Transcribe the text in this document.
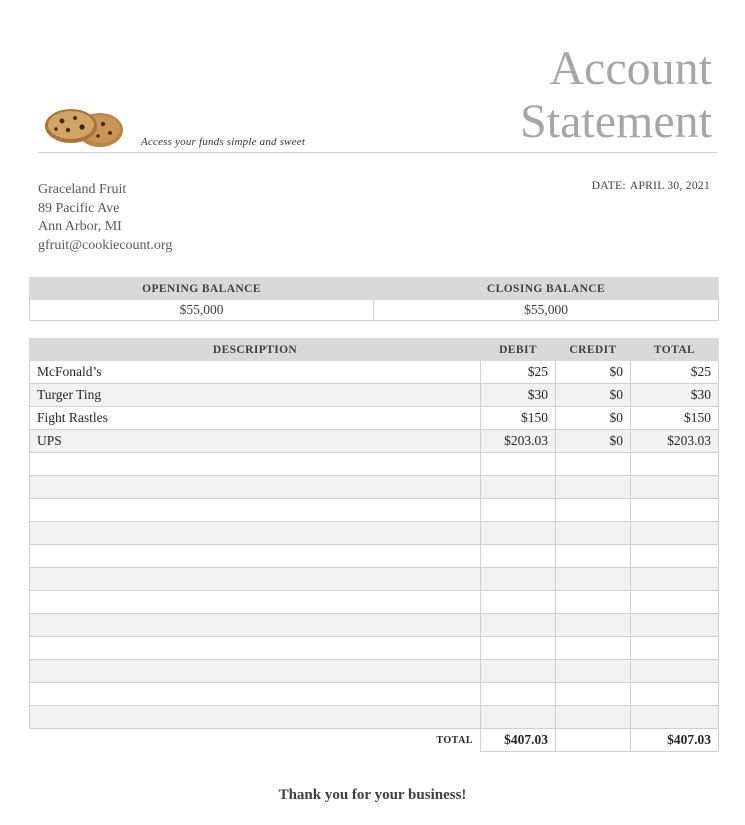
Account
Statement
Access your funds simple and sweet
Graceland Fruit
89 Pacific Ave
Ann Arbor, MI
gfruit@cookiecount.org
DATE: APRIL 30, 2021
OPENING BALANCE	CLOSING BALANCE
$55,000	$55,000
DESCRIPTION	DEBIT	CREDIT	TOTAL
McFonald’s	$25	$0	$25
Turger Ting	$30	$0	$30
Fight Rastles	$150	$0	$150
UPS	$203.03	$0	$203.03

TOTAL	$407.03		$407.03
Thank you for your business!
